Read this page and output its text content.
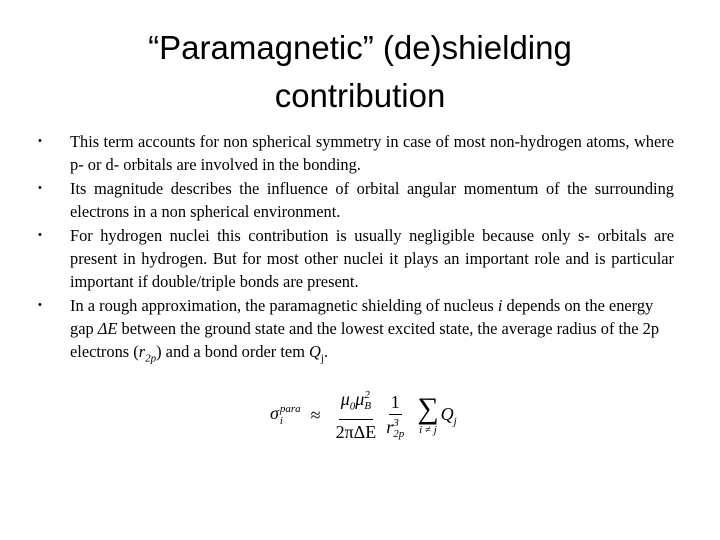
“Paramagnetic” (de)shielding contribution
•	This term accounts for non spherical symmetry in case of most non-hydrogen atoms, where p- or d- orbitals are involved in the bonding.
•	Its magnitude describes the influence of orbital angular momentum of the surrounding electrons in a non spherical environment.
•	For hydrogen nuclei this contribution is usually negligible because only s- orbitals are present in hydrogen. But for most other nuclei it plays an important role and is particular important if double/triple bonds are present.
•	In a rough approximation, the paramagnetic shielding of nucleus i depends on the energy gap ΔE between the ground state and the lowest excited state, the average radius of the 2p electrons $(r_{2p})$ and a bond order tem $Q_j$.
σ para
i	≈ $\mu_0\mu$ 2
B
2πΔE 1
r 3
2p ∑
i ≠ j
$Q_j$
